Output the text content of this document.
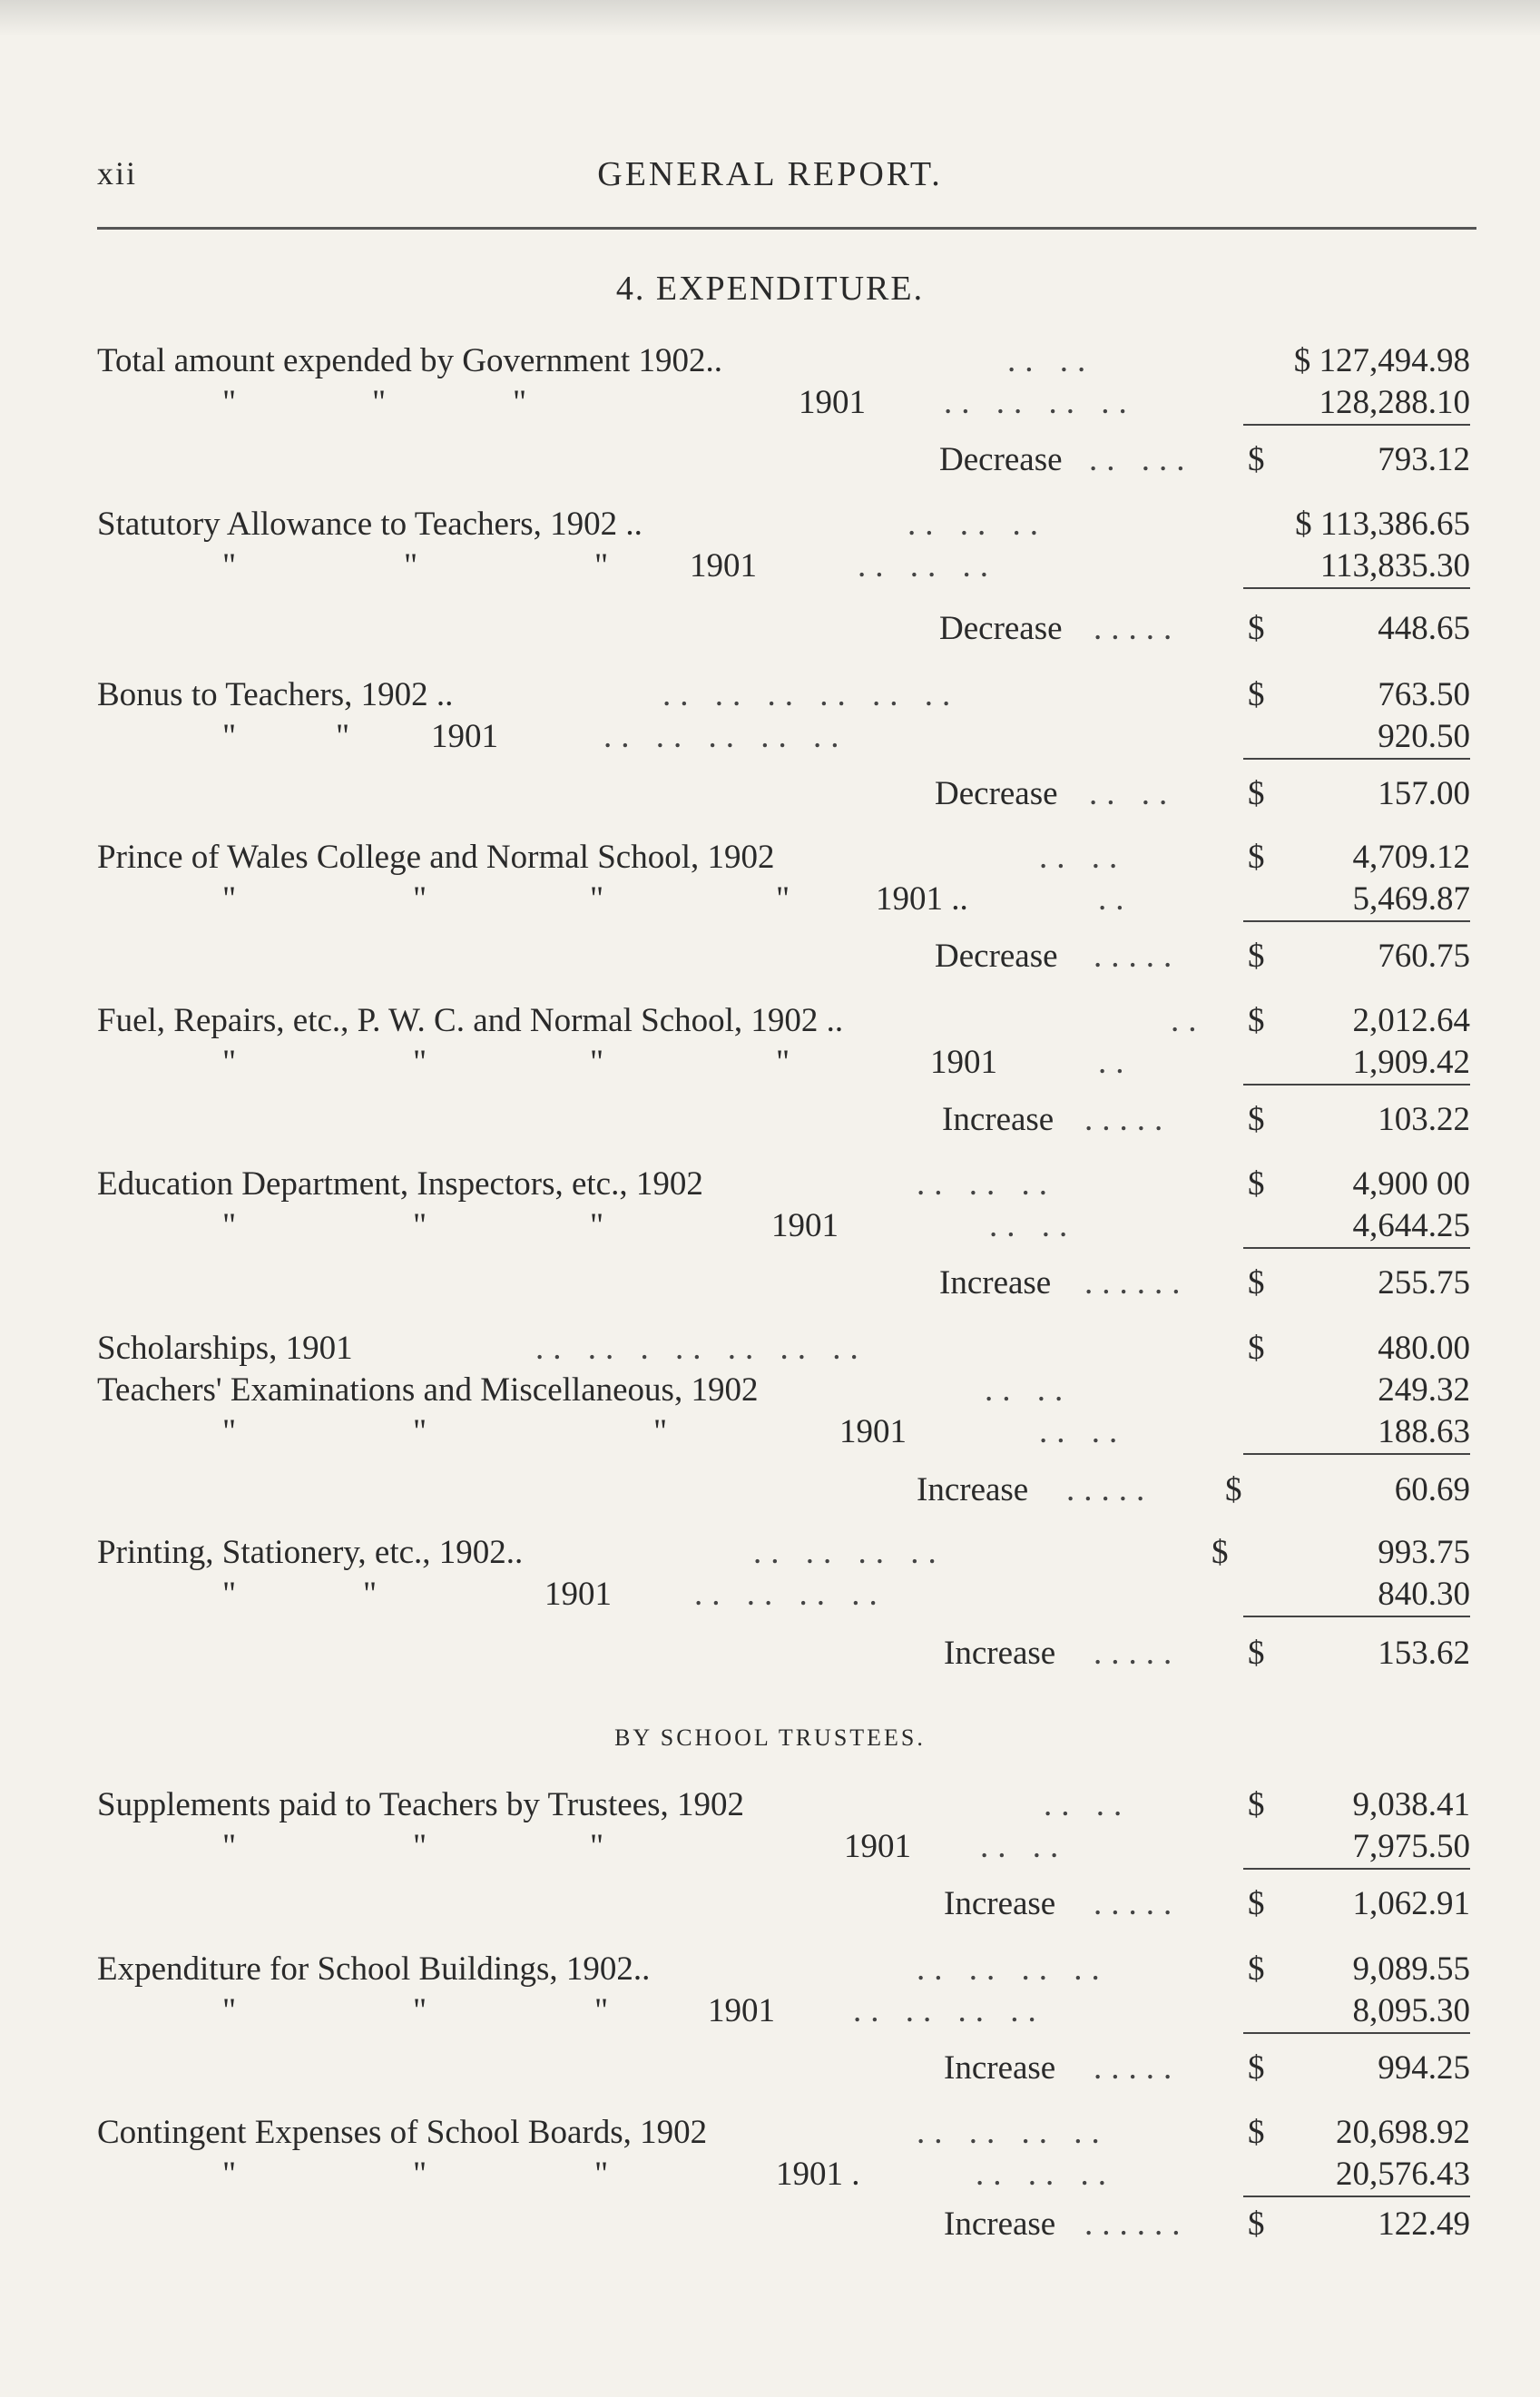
xii	GENERAL REPORT.
4. EXPENDITURE.
Total amount expended by Government 1902..	.. ..	$ 127,494.98
"	"	"	1901 .. .. .. ..	128,288.10
Decrease .. ... $	793.12
Statutory Allowance to Teachers, 1902 ..	.. .. ..	$ 113,386.65
"	"	" 1901	.. .. ..	113,835.30
Decrease ..... $	448.65
Bonus to Teachers, 1902 ..	.. .. .. .. .. ..	$	763.50
"	" 1901	.. .. .. .. ..	920.50
Decrease .. .. $	157.00
Prince of Wales College and Normal School, 1902	.. ..	$	4,709.12
"	"	"	"	1901 ..	..	5,469.87
Decrease ..... $	760.75
Fuel, Repairs, etc., P. W. C. and Normal School, 1902 ..	.. $	2,012.64
"	"	"	"	1901	..	1,909.42
Increase ..... $	103.22
Education Department, Inspectors, etc., 1902	.. .. ..	$	4,900 00
"	"	"	1901	.. ..	4,644.25
Increase ...... $	255.75
Scholarships, 1901	.. .. . .. .. .. ..	$	480.00
Teachers' Examinations and Miscellaneous, 1902	.. ..	249.32
"	"	"	1901	.. ..	188.63
Increase ..... $	60.69
Printing, Stationery, etc., 1902..	.. .. .. ..	$	993.75
"	"	1901 .. .. .. ..	840.30
Increase ..... $	153.62
BY SCHOOL TRUSTEES.
Supplements paid to Teachers by Trustees, 1902	.. ..	$	9,038.41
"	"	"	1901 .. ..	7,975.50
Increase ..... $	1,062.91
Expenditure for School Buildings, 1902..	.. .. .. ..	$	9,089.55
"	"	"	1901 .. .. .. ..	8,095.30
Increase ..... $	994.25
Contingent Expenses of School Boards, 1902	.. .. .. ..	$	20,698.92
"	"	"	1901 .	.. .. ..	20,576.43
Increase ...... $	122.49
